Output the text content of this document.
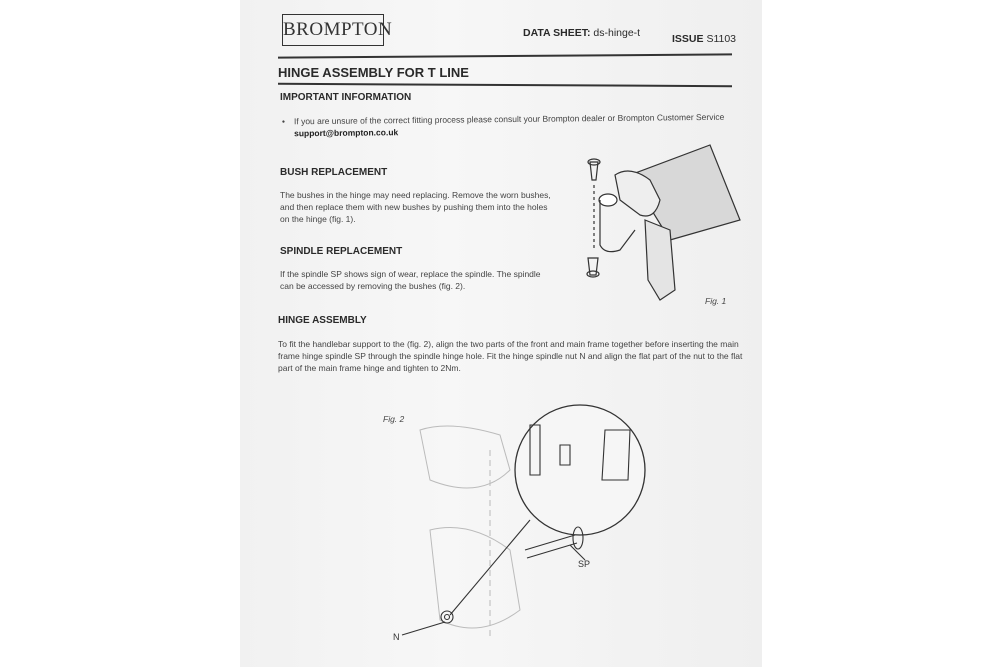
BROMPTON	DATA SHEET: ds-hinge-t	ISSUE S1103
HINGE ASSEMBLY FOR T LINE
IMPORTANT INFORMATION
• If you are unsure of the correct fitting process please consult your Brompton dealer or Brompton Customer Service support@brompton.co.uk
BUSH REPLACEMENT
The bushes in the hinge may need replacing. Remove the worn bushes, and then replace them with new bushes by pushing them into the holes on the hinge (fig. 1).
SPINDLE REPLACEMENT
If the spindle SP shows sign of wear, replace the spindle. The spindle can be accessed by removing the bushes (fig. 2).
Fig. 1
HINGE ASSEMBLY
To fit the handlebar support to the (fig. 2), align the two parts of the front and main frame together before inserting the main frame hinge spindle SP through the spindle hinge hole. Fit the hinge spindle nut N and align the flat part of the nut to the flat part of the main frame hinge and tighten to 2Nm.
Fig. 2
SP
N
